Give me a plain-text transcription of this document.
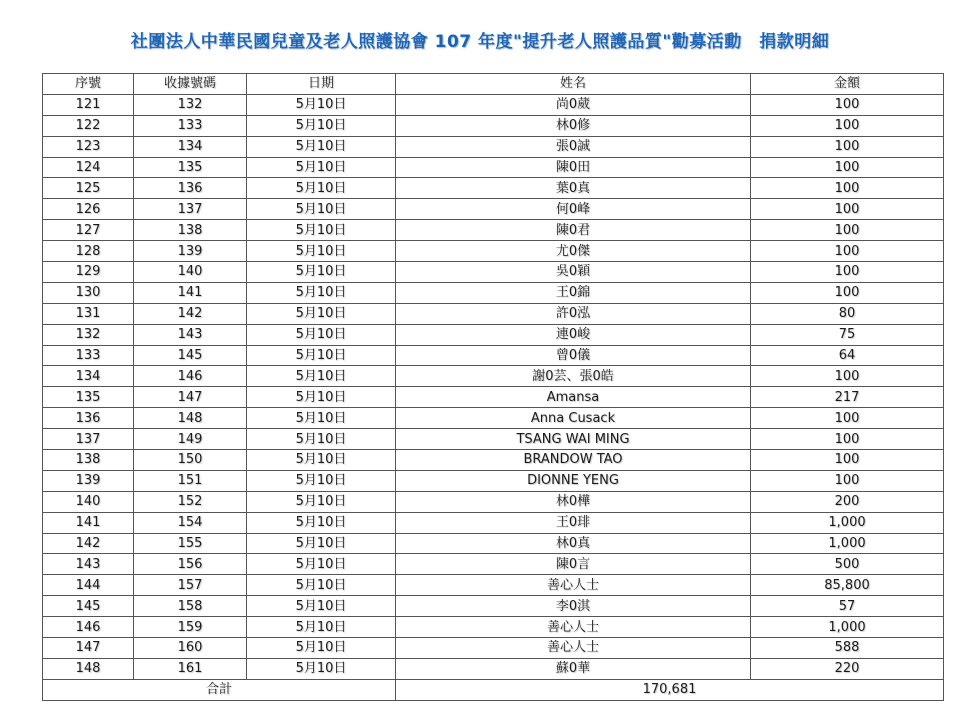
社團法人中華民國兒童及老人照護協會 107 年度"提升老人照護品質"勸募活動　捐款明細
序號	收據號碼	日期	姓名	金額
121	132	5月10日	尚0葳	100
122	133	5月10日	林0修	100
123	134	5月10日	張0誠	100
124	135	5月10日	陳0田	100
125	136	5月10日	葉0真	100
126	137	5月10日	何0峰	100
127	138	5月10日	陳0君	100
128	139	5月10日	尤0傑	100
129	140	5月10日	吳0穎	100
130	141	5月10日	王0錦	100
131	142	5月10日	許0泓	80
132	143	5月10日	連0峻	75
133	145	5月10日	曾0儀	64
134	146	5月10日	謝0芸、張0皓	100
135	147	5月10日	Amansa	217
136	148	5月10日	Anna Cusack	100
137	149	5月10日	TSANG WAI MING	100
138	150	5月10日	BRANDOW TAO	100
139	151	5月10日	DIONNE YENG	100
140	152	5月10日	林0樺	200
141	154	5月10日	王0琲	1,000
142	155	5月10日	林0真	1,000
143	156	5月10日	陳0言	500
144	157	5月10日	善心人士	85,800
145	158	5月10日	李0淇	57
146	159	5月10日	善心人士	1,000
147	160	5月10日	善心人士	588
148	161	5月10日	蘇0華	220
合計			170,681	
